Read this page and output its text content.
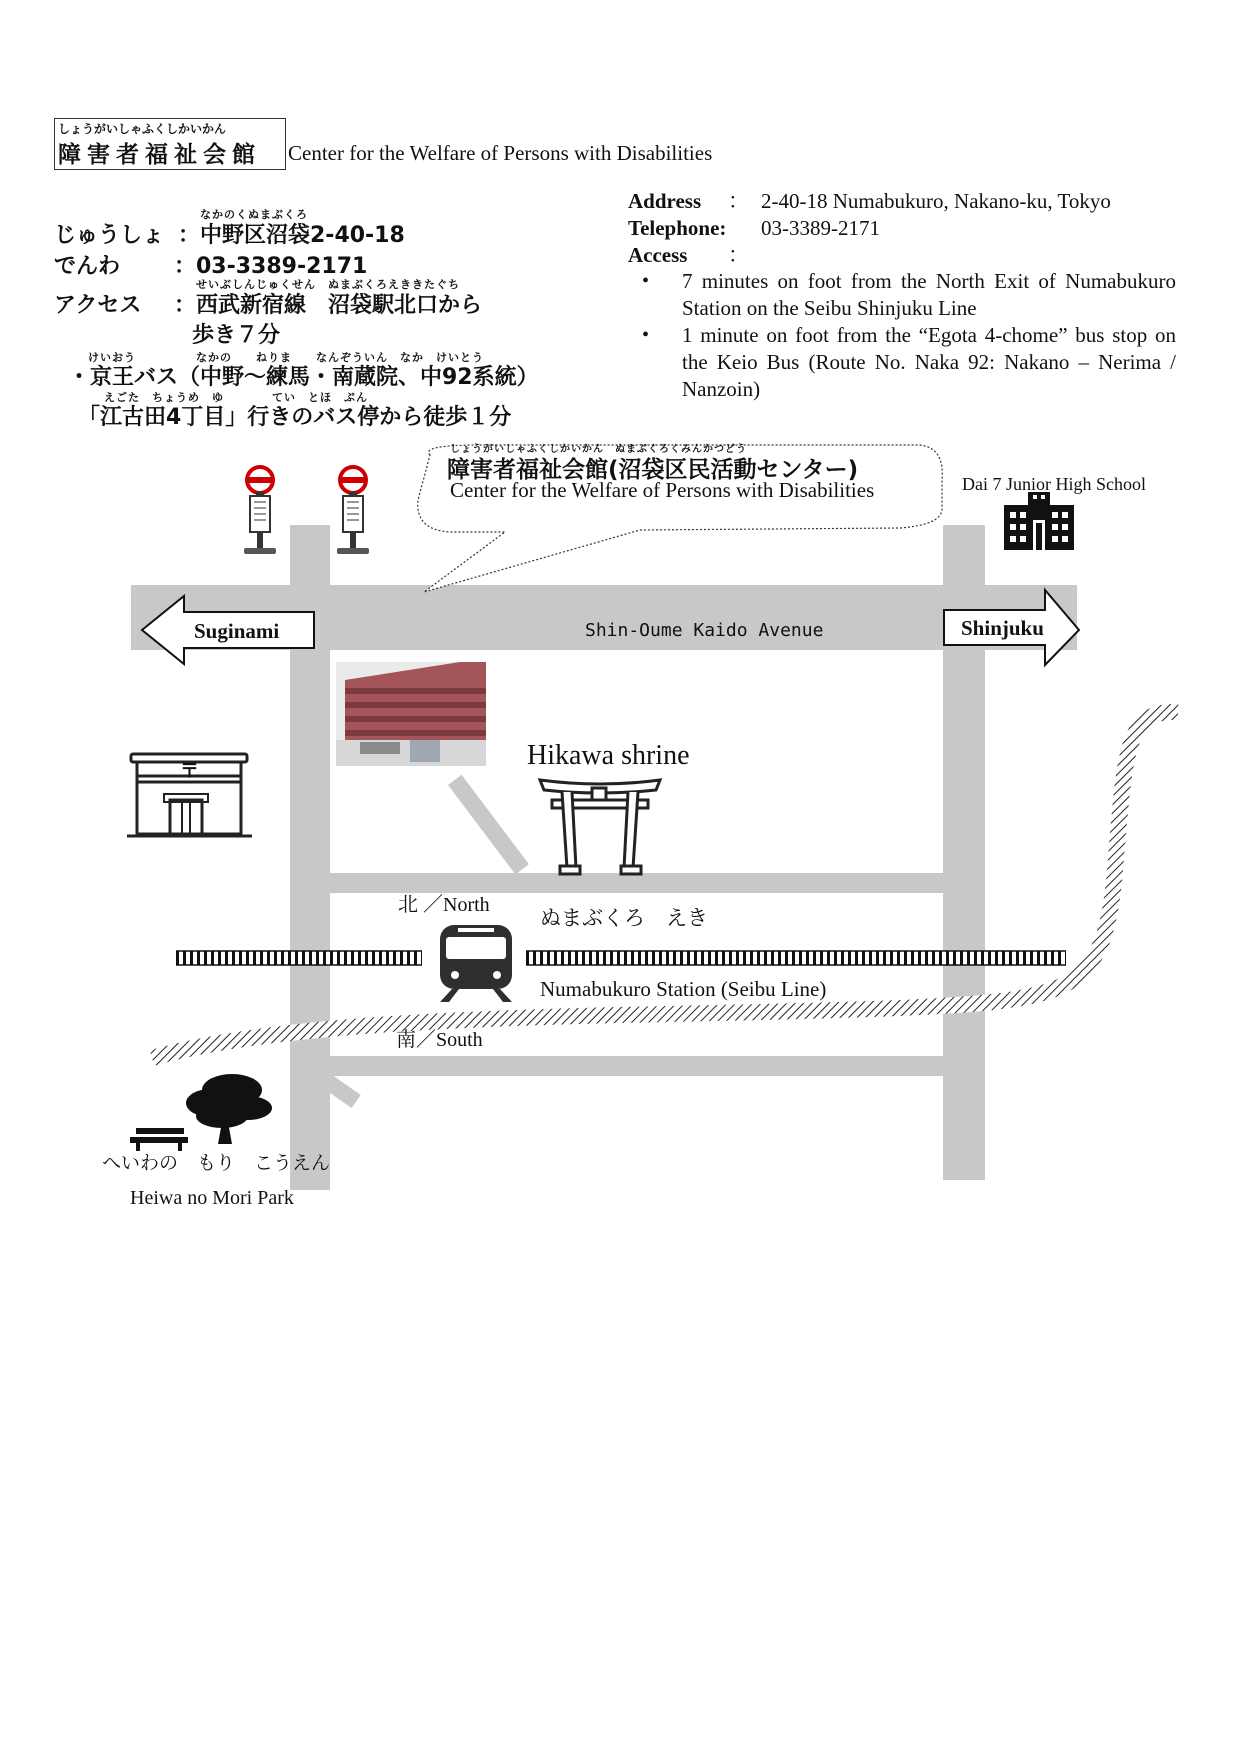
しょうがいしゃふくしかいかん
障害者福祉会館 Center for the Welfare of Persons with Disabilities
なかのくぬまぶくろ
じゅうしょ ：中野区沼袋2-40-18
でんわ ：03-3389-2171
せいぶしんじゅくせん　ぬまぶくろえききたぐち
アクセス ：西武新宿線　沼袋駅北口から
歩き７分
けいおう　　　　　なかの　　ねりま　　なんぞういん　なか　けいとう
・京王バス（中野～練馬・南蔵院、中92系統）
えごた　ちょうめ　ゆ　　　　てい　とほ　ぷん
「江古田4丁目」行きのバス停から徒歩１分
Address ： 2-40-18 Numabukuro, Nakano-ku, Tokyo
Telephone: 03-3389-2171
Access ：
• 7 minutes on foot from the North Exit of Numabukuro Station on the Seibu Shinjuku Line
• 1 minute on foot from the “Egota 4-chome” bus stop on the Keio Bus (Route No. Naka 92: Nakano – Nerima / Nanzoin)
Dai 7 Junior High School
しょうがいしゃふくしかいかん　ぬまぶくろくみんかつどう
障害者福祉会館(沼袋区民活動センター)
Center for the Welfare of Persons with Disabilities
Suginami	Shinjuku
Shin-Oume Kaido Avenue
Hikawa shrine
北 ／North
ぬまぶくろ　えき
Numabukuro Station (Seibu Line)
南／South
へいわの　もり　こうえん
Heiwa no Mori Park
〒
